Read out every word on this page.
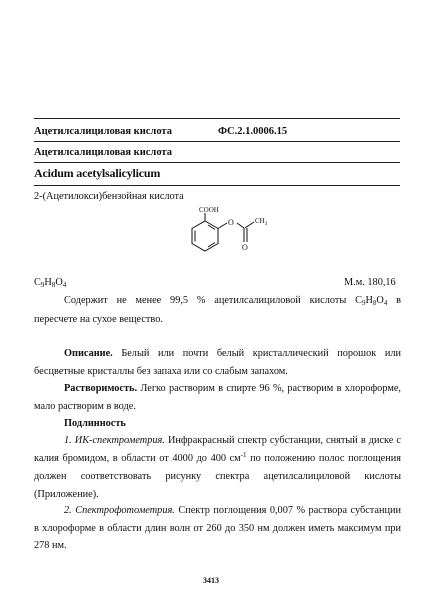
Ацетилсалициловая кислота	ФС.2.1.0006.15
Ацетилсалициловая кислота
Acidum acetylsalicylicum
2-(Ацетилокси)бензойная кислота
COOH
O
O
$CH_3$
C9H8O4	М.м. 180,16
Содержит не менее 99,5 % ацетилсалициловой кислоты C9H8O4 в
пересчете на сухое вещество.
Описание. Белый или почти белый кристаллический порошок или бесцветные кристаллы без запаха или со слабым запахом.
Растворимость. Легко растворим в спирте 96 %, растворим в хлороформе, мало растворим в воде.
Подлинность
1. ИК-спектрометрия. Инфракрасный спектр субстанции, снятый в диске с калия бромидом, в области от 4000 до 400 $см^{-1}$ по положению полос поглощения должен соответствовать рисунку спектра ацетилсалициловой кислоты (Приложение).
2. Спектрофотометрия. Спектр поглощения 0,007 % раствора субстанции в хлороформе в области длин волн от 260 до 350 нм должен иметь максимум при 278 нм.
3413
